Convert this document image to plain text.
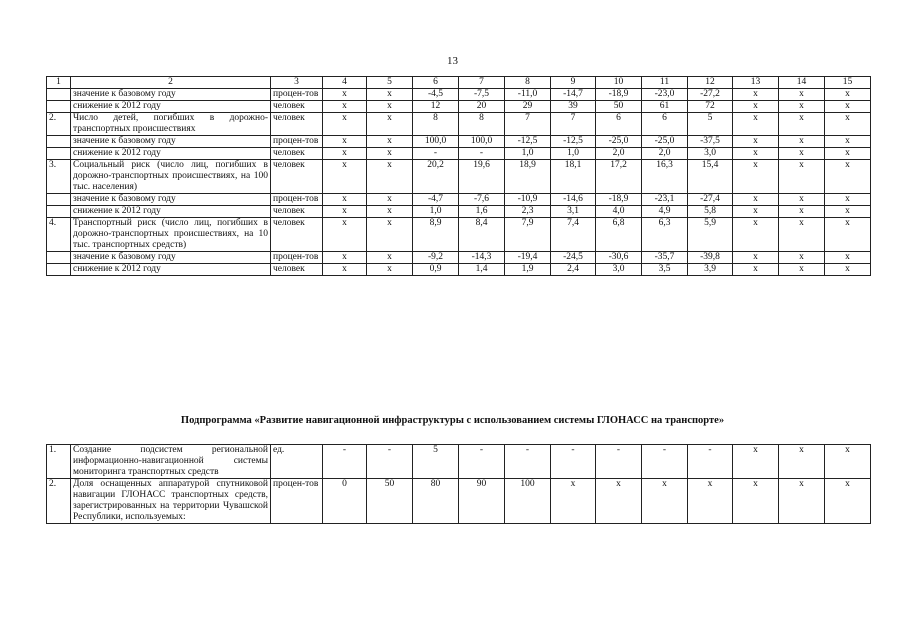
13
1	2	3	4	5	6	7	8	9	10	11	12	13	14	15
	значение к базовому году	процен-тов	х	х	-4,5	-7,5	-11,0	-14,7	-18,9	-23,0	-27,2	х	х	х
	снижение к 2012 году	человек	х	х	12	20	29	39	50	61	72	х	х	х
2.	Число детей, погибших в дорожно-транспортных происшествиях	человек	х	х	8	8	7	7	6	6	5	х	х	х
	значение к базовому году	процен-тов	х	х	100,0	100,0	-12,5	-12,5	-25,0	-25,0	-37,5	х	х	х
	снижение к 2012 году	человек	х	х	-	-	1,0	1,0	2,0	2,0	3,0	х	х	х
3.	Социальный риск (число лиц, погибших в дорожно-транспортных происшествиях, на 100 тыс. населения)	человек	х	х	20,2	19,6	18,9	18,1	17,2	16,3	15,4	х	х	х
	значение к базовому году	процен-тов	х	х	-4,7	-7,6	-10,9	-14,6	-18,9	-23,1	-27,4	х	х	х
	снижение к 2012 году	человек	х	х	1,0	1,6	2,3	3,1	4,0	4,9	5,8	х	х	х
4.	Транспортный риск (число лиц, погибших в дорожно-транспортных происшествиях, на 10 тыс. транспортных средств)	человек	х	х	8,9	8,4	7,9	7,4	6,8	6,3	5,9	х	х	х
	значение к базовому году	процен-тов	х	х	-9,2	-14,3	-19,4	-24,5	-30,6	-35,7	-39,8	х	х	х
	снижение к 2012 году	человек	х	х	0,9	1,4	1,9	2,4	3,0	3,5	3,9	х	х	х
Подпрограмма «Развитие навигационной инфраструктуры с использованием системы ГЛОНАСС на транспорте»
1.	Создание подсистем региональной информационно-навигационной системы мониторинга транспортных средств	ед.	-	-	5	-	-	-	-	-	-	х	х	х
2.	Доля оснащенных аппаратурой спутниковой навигации ГЛОНАСС транспортных средств, зарегистрированных на территории Чувашской Республики, используемых:	процен-тов	0	50	80	90	100	х	х	х	х	х	х	х
